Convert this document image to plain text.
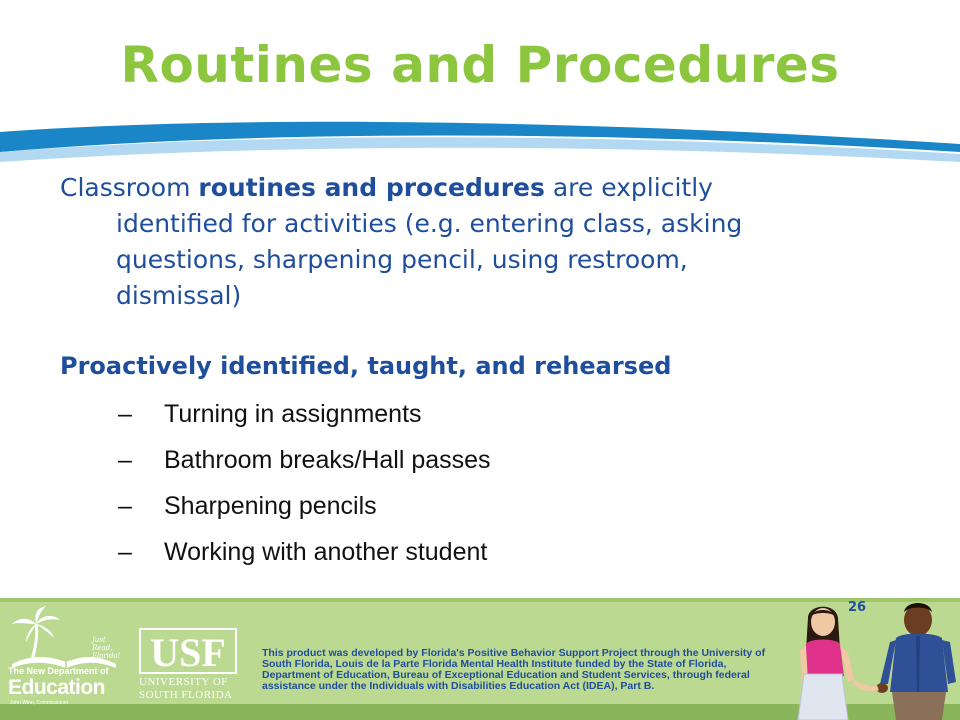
Routines and Procedures
Classroom routines and procedures are explicitly
identified for activities (e.g. entering class, asking
questions, sharpening pencil, using restroom,
dismissal)
Proactively identified, taught, and rehearsed
– Turning in assignments
– Bathroom breaks/Hall passes
– Sharpening pencils
– Working with another student
26
Just Read, Florida!
The New Department of
Education
John Winn, Commissioner
USF
UNIVERSITY OF
SOUTH FLORIDA
This product was developed by Florida's Positive Behavior Support Project through the University of
South Florida, Louis de la Parte Florida Mental Health Institute funded by the State of Florida,
Department of Education, Bureau of Exceptional Education and Student Services, through federal
assistance under the Individuals with Disabilities Education Act (IDEA), Part B.
